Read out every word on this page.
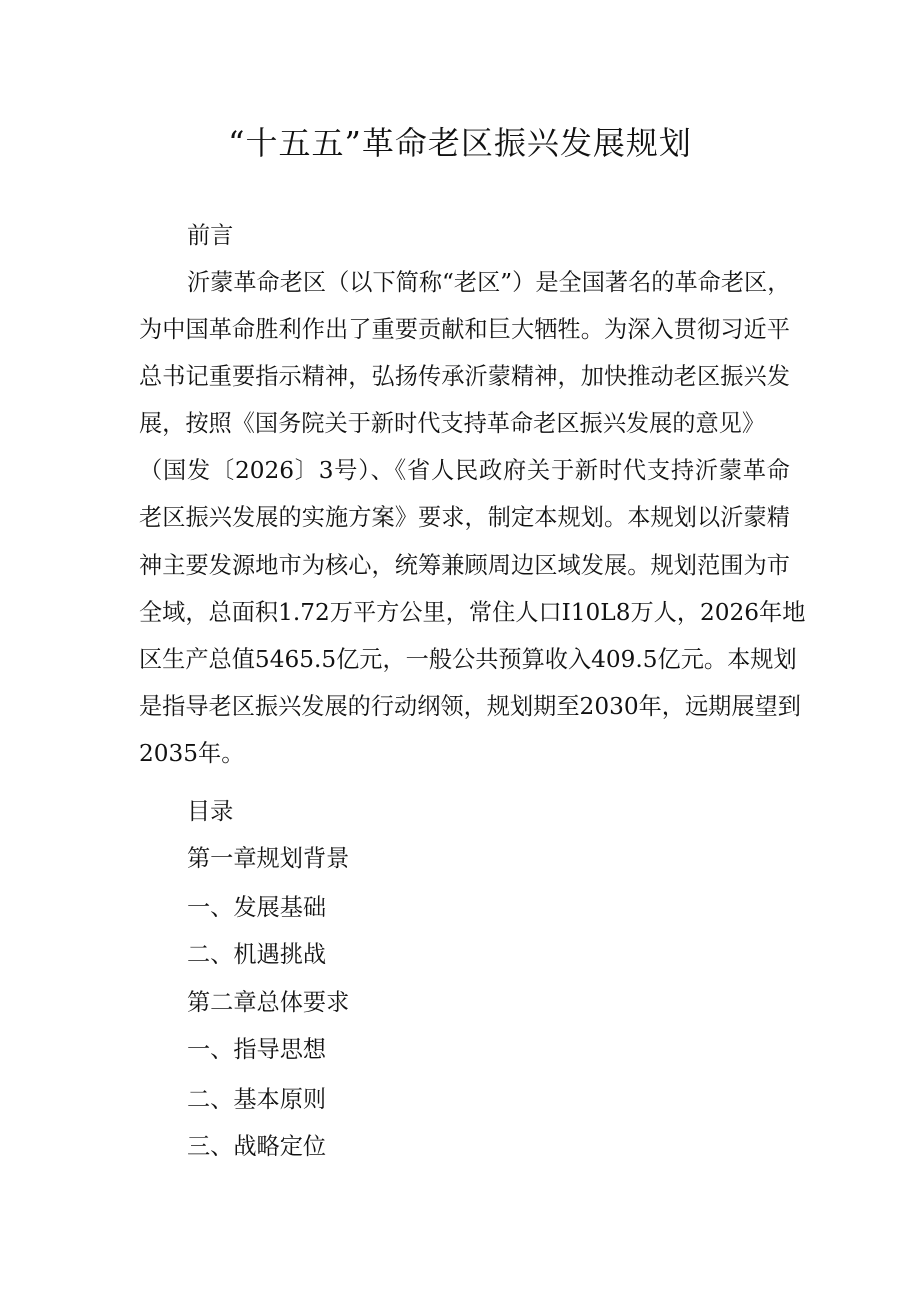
“十五五”革命老区振兴发展规划
前言
沂蒙革命老区（以下简称“老区”）是全国著名的革命老区，
为中国革命胜利作出了重要贡献和巨大牺牲。为深入贯彻习近平
总书记重要指示精神，弘扬传承沂蒙精神，加快推动老区振兴发
展，按照《国务院关于新时代支持革命老区振兴发展的意见》
（国发〔2026〕3号）、《省人民政府关于新时代支持沂蒙革命
老区振兴发展的实施方案》要求，制定本规划。本规划以沂蒙精
神主要发源地市为核心，统筹兼顾周边区域发展。规划范围为市
全域，总面积1.72万平方公里，常住人口I10L8万人，2026年地
区生产总值5465.5亿元，一般公共预算收入409.5亿元。本规划
是指导老区振兴发展的行动纲领，规划期至2030年，远期展望到
2035年。
目录
第一章规划背景
一、发展基础
二、机遇挑战
第二章总体要求
一、指导思想
二、基本原则
三、战略定位
